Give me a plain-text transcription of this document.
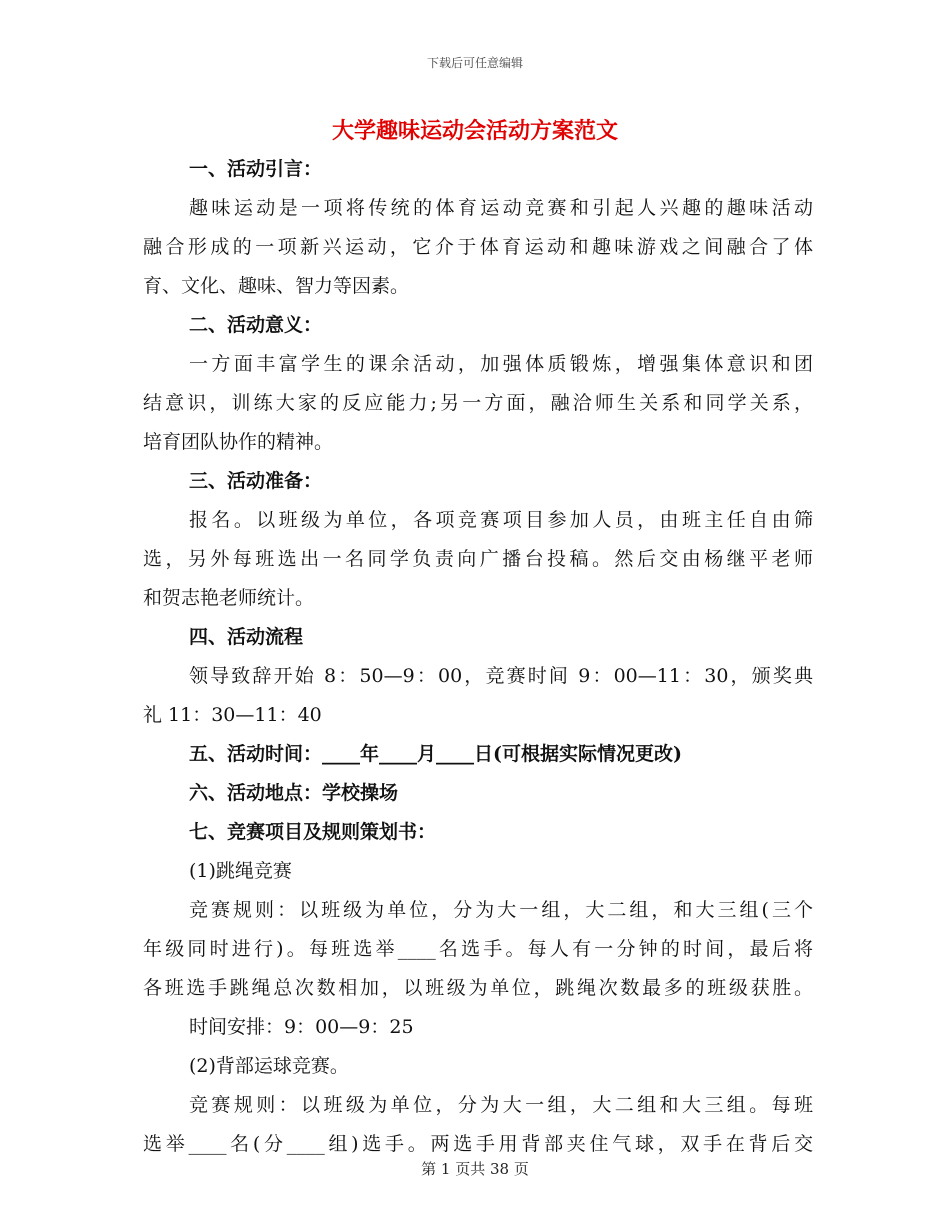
下载后可任意编辑
大学趣味运动会活动方案范文
一、活动引言：
趣味运动是一项将传统的体育运动竞赛和引起人兴趣的趣味活动
融合形成的一项新兴运动，它介于体育运动和趣味游戏之间融合了体
育、文化、趣味、智力等因素。
二、活动意义：
一方面丰富学生的课余活动，加强体质锻炼，增强集体意识和团
结意识，训练大家的反应能力;另一方面，融洽师生关系和同学关系，
培育团队协作的精神。
三、活动准备：
报名。以班级为单位，各项竞赛项目参加人员，由班主任自由筛
选，另外每班选出一名同学负责向广播台投稿。然后交由杨继平老师
和贺志艳老师统计。
四、活动流程
领导致辞开始 8：50—9：00，竞赛时间 9：00—11：30，颁奖典
礼 11：30—11：40
五、活动时间：____年____月____日(可根据实际情况更改)
六、活动地点：学校操场
七、竞赛项目及规则策划书：
(1)跳绳竞赛
竞赛规则：以班级为单位，分为大一组，大二组，和大三组(三个
年级同时进行)。每班选举____名选手。每人有一分钟的时间，最后将
各班选手跳绳总次数相加，以班级为单位，跳绳次数最多的班级获胜。
时间安排：9：00—9：25
(2)背部运球竞赛。
竞赛规则：以班级为单位，分为大一组，大二组和大三组。每班
选举____名(分____组)选手。两选手用背部夹住气球，双手在背后交
第 1 页共 38 页
